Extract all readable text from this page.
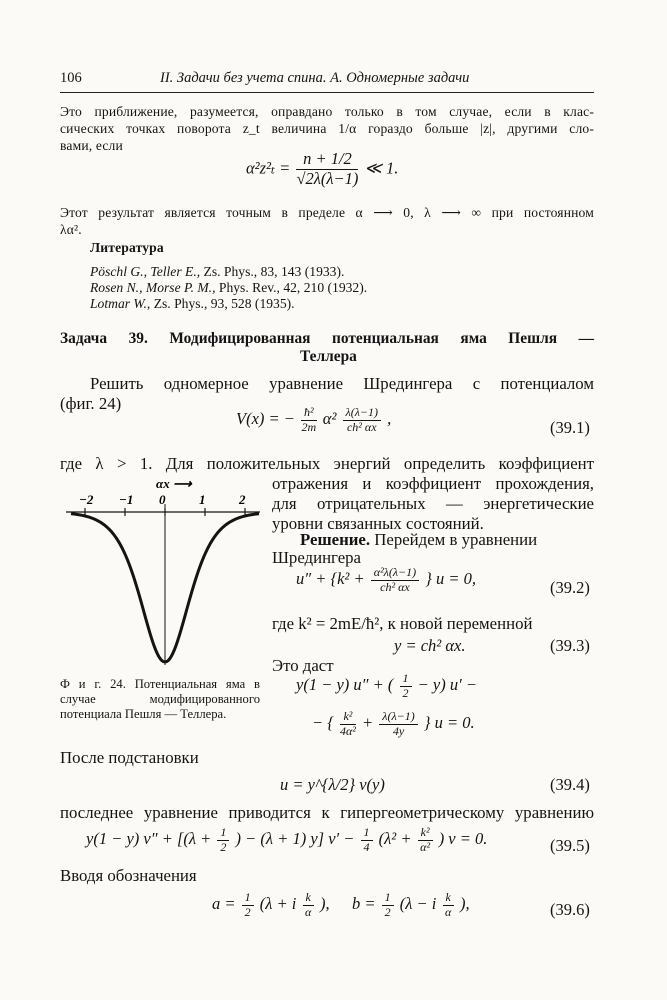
106	II. Задачи без учета спина. А. Одномерные задачи
Это приближение, разумеется, оправдано только в том случае, если в клас-
сических точках поворота z_t величина 1/α гораздо больше |z|, другими сло-
вами, если
$\alpha^2z^2_t = \frac{n + 1/2}{√2\lambda(\lambda-1)}$ ≪ 1.
Этот результат является точным в пределе α ⟶ 0, λ ⟶ ∞ при постоянном
λα².
Литература
Pöschl G., Teller E., Zs. Phys., 83, 143 (1933).
Rosen N., Morse P. M., Phys. Rev., 42, 210 (1932).
Lotmar W., Zs. Phys., 93, 528 (1935).
Задача 39. Модифицированная потенциальная яма Пешля —
Теллера
Решить одномерное уравнение Шредингера с потенциалом
(фиг. 24)
V(x) = − $\frac{\text{ħ²}}{2m} \alpha^2 \frac{\lambda(\lambda-1)}{\text{ch² αx}}$ ,	(39.1)
где λ > 1. Для положительных энергий определить коэффициент
отражения и коэффициент прохождения,
для отрицательных — энергетические
уровни связанных состояний.
αx ⟶
−2 −1 0	1	2
Ф и г. 24. Потенциальная яма в случае модифицированного потенциала Пешля — Теллера.
Решение. Перейдем в уравнении
Шредингера
$u'' + \{k^2 + \frac{\text{α²λ(λ−1)}}{\text{ch² αx}}$ } u = 0,	(39.2)
где k² = 2mE/ħ², к новой переменной
y = ch² αx.	(39.3)
Это даст
y(1 − y) u″ + ( $\frac{1}{2} - y$) u′ −
− { $\frac{\text{k²}}{\text{4α²}} + \frac{\lambda(\lambda-1)}{4y}$ } u = 0.
После подстановки
u = y^{λ/2} v(y)	(39.4)
последнее уравнение приводится к гипергеометрическому уравнению
y(1 − y) $v'' + [(\lambda + \frac{1}{2}$ ) − (λ + 1) y] $v' - \frac{1}{4} (\lambda^2 + \frac{\text{k²}}{\text{α²}}$ ) v = 0.	(39.5)
Вводя обозначения
$a = \frac{1}{2} (\lambda + i \frac{k}{\alpha}$ ), $b = \frac{1}{2} (\lambda - i \frac{k}{\alpha}$ ),	(39.6)
